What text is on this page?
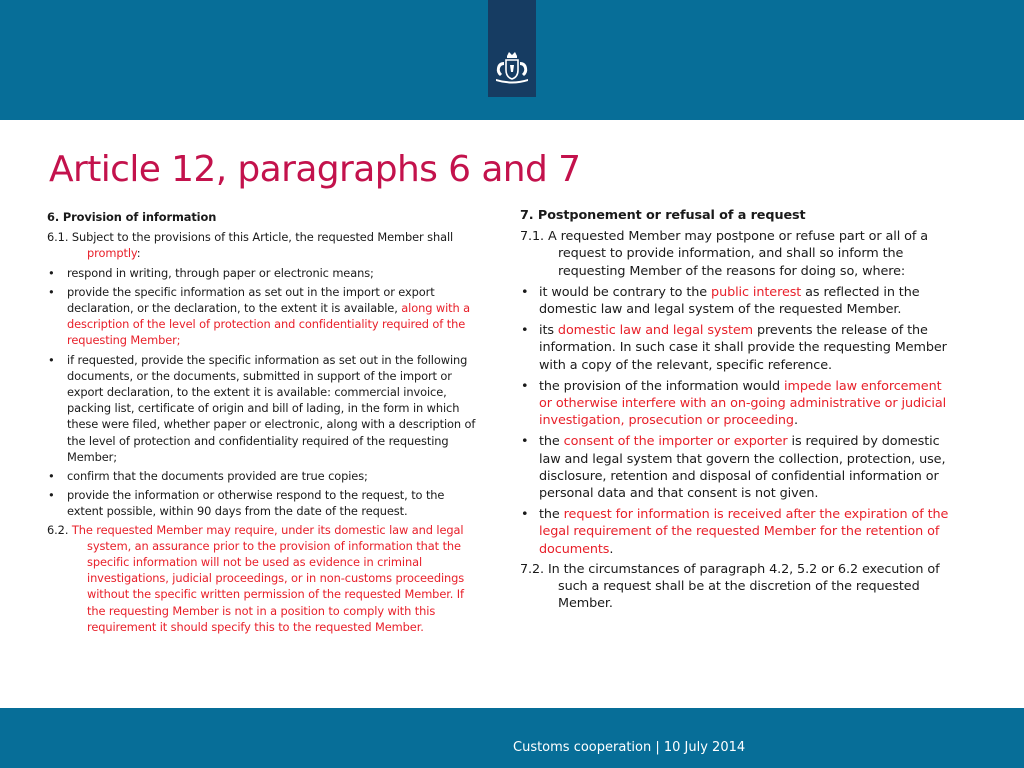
Article 12, paragraphs 6 and 7

6. Provision of information

6.1. Subject to the provisions of this Article, the requested Member shall promptly:

• respond in writing, through paper or electronic means;
• provide the specific information as set out in the import or export declaration, or the declaration, to the extent it is available, along with a description of the level of protection and confidentiality required of the requesting Member;
• if requested, provide the specific information as set out in the following documents, or the documents, submitted in support of the import or export declaration, to the extent it is available: commercial invoice, packing list, certificate of origin and bill of lading, in the form in which these were filed, whether paper or electronic, along with a description of the level of protection and confidentiality required of the requesting Member;
• confirm that the documents provided are true copies;
• provide the information or otherwise respond to the request, to the extent possible, within 90 days from the date of the request.

6.2. The requested Member may require, under its domestic law and legal system, an assurance prior to the provision of information that the specific information will not be used as evidence in criminal investigations, judicial proceedings, or in non-customs proceedings without the specific written permission of the requested Member. If the requesting Member is not in a position to comply with this requirement it should specify this to the requested Member.

7. Postponement or refusal of a request

7.1. A requested Member may postpone or refuse part or all of a request to provide information, and shall so inform the requesting Member of the reasons for doing so, where:

• it would be contrary to the public interest as reflected in the domestic law and legal system of the requested Member.
• its domestic law and legal system prevents the release of the information. In such case it shall provide the requesting Member with a copy of the relevant, specific reference.
• the provision of the information would impede law enforcement or otherwise interfere with an on-going administrative or judicial investigation, prosecution or proceeding.
• the consent of the importer or exporter is required by domestic law and legal system that govern the collection, protection, use, disclosure, retention and disposal of confidential information or personal data and that consent is not given.
• the request for information is received after the expiration of the legal requirement of the requested Member for the retention of documents.

7.2. In the circumstances of paragraph 4.2, 5.2 or 6.2 execution of such a request shall be at the discretion of the requested Member.

Customs cooperation | 10 July 2014
